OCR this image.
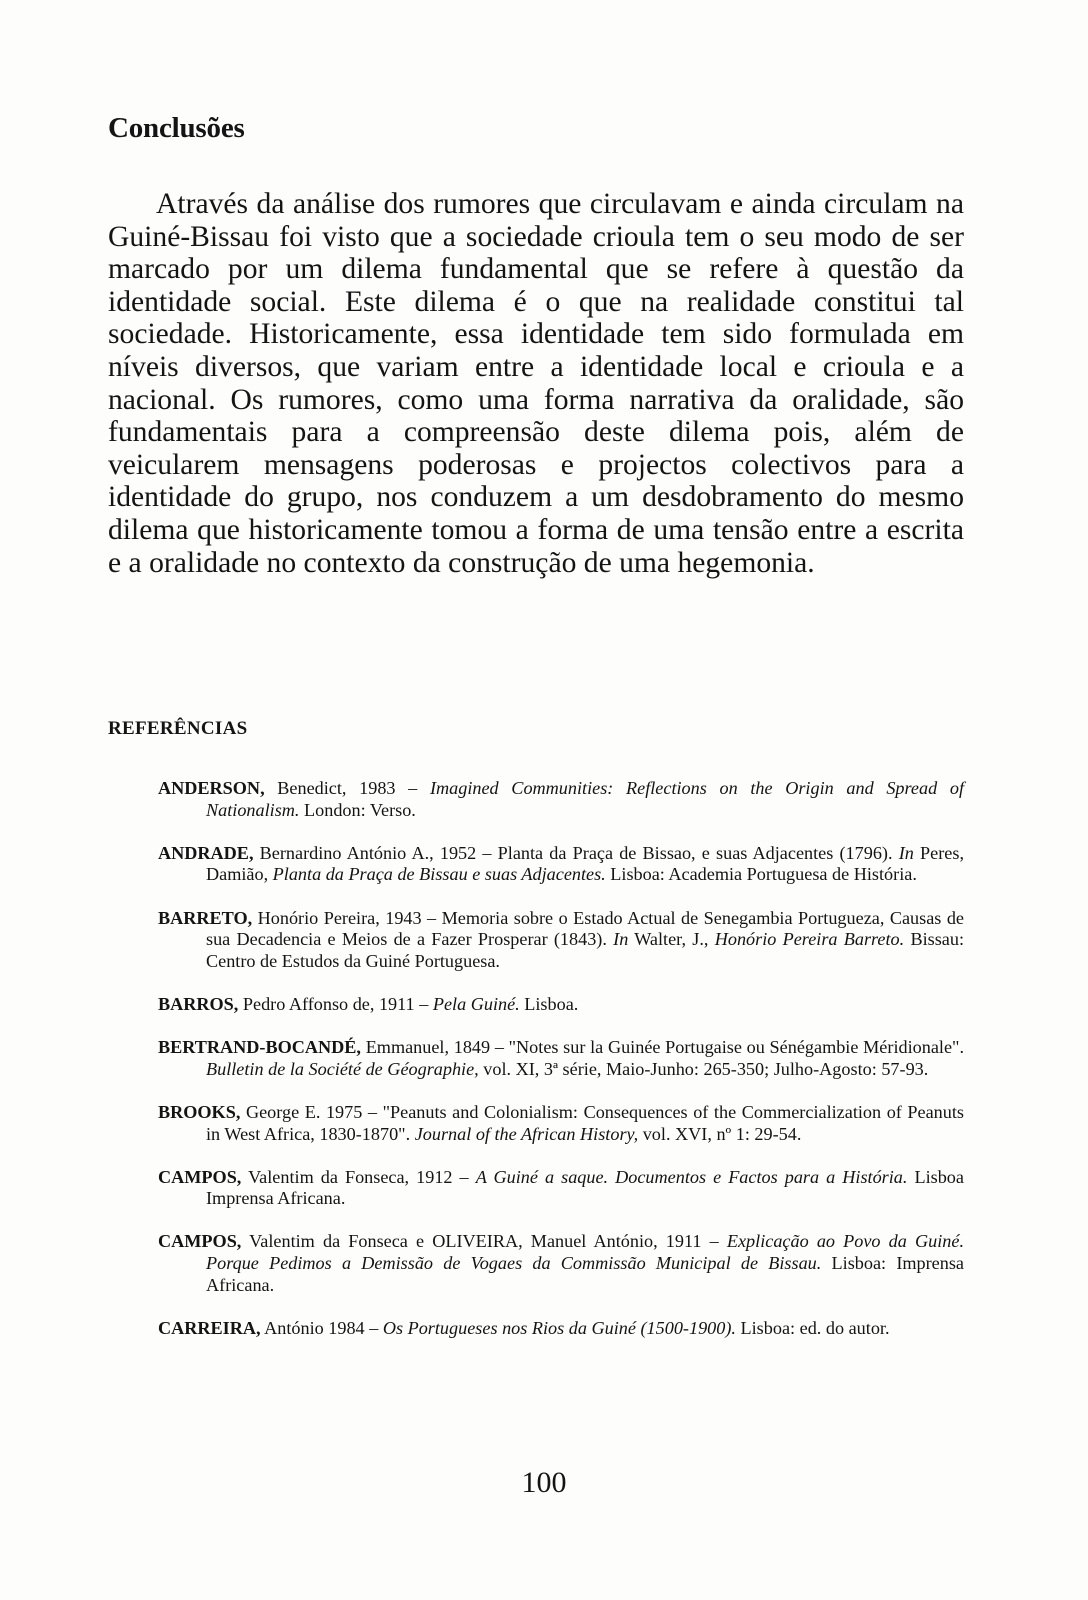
Conclusões

Através da análise dos rumores que circulavam e ainda circulam na Guiné-Bissau foi visto que a sociedade crioula tem o seu modo de ser marcado por um dilema fundamental que se refere à questão da identidade social. Este dilema é o que na realidade constitui tal sociedade. Historicamente, essa identidade tem sido formulada em níveis diversos, que variam entre a identidade local e crioula e a nacional. Os rumores, como uma forma narrativa da oralidade, são fundamentais para a compreensão deste dilema pois, além de veicularem mensagens poderosas e projectos colectivos para a identidade do grupo, nos conduzem a um desdobramento do mesmo dilema que historicamente tomou a forma de uma tensão entre a escrita e a oralidade no contexto da construção de uma hegemonia.

REFERÊNCIAS
ANDERSON, Benedict, 1983 – Imagined Communities: Reflections on the Origin and Spread of Nationalism. London: Verso.
ANDRADE, Bernardino António A., 1952 – Planta da Praça de Bissao, e suas Adjacentes (1796). In Peres, Damião, Planta da Praça de Bissau e suas Adjacentes. Lisboa: Academia Portuguesa de História.
BARRETO, Honório Pereira, 1943 – Memoria sobre o Estado Actual de Senegambia Portugueza, Causas de sua Decadencia e Meios de a Fazer Prosperar (1843). In Walter, J., Honório Pereira Barreto. Bissau: Centro de Estudos da Guiné Portuguesa.
BARROS, Pedro Affonso de, 1911 – Pela Guiné. Lisboa.
BERTRAND-BOCANDÉ, Emmanuel, 1849 – "Notes sur la Guinée Portugaise ou Sénégambie Méridionale". Bulletin de la Société de Géographie, vol. XI, 3ª série, Maio-Junho: 265-350; Julho-Agosto: 57-93.
BROOKS, George E. 1975 – "Peanuts and Colonialism: Consequences of the Commercialization of Peanuts in West Africa, 1830-1870". Journal of the African History, vol. XVI, nº 1: 29-54.
CAMPOS, Valentim da Fonseca, 1912 – A Guiné a saque. Documentos e Factos para a História. Lisboa Imprensa Africana.
CAMPOS, Valentim da Fonseca e OLIVEIRA, Manuel António, 1911 – Explicação ao Povo da Guiné. Porque Pedimos a Demissão de Vogaes da Commissão Municipal de Bissau. Lisboa: Imprensa Africana.
CARREIRA, António 1984 – Os Portugueses nos Rios da Guiné (1500-1900). Lisboa: ed. do autor.
100
